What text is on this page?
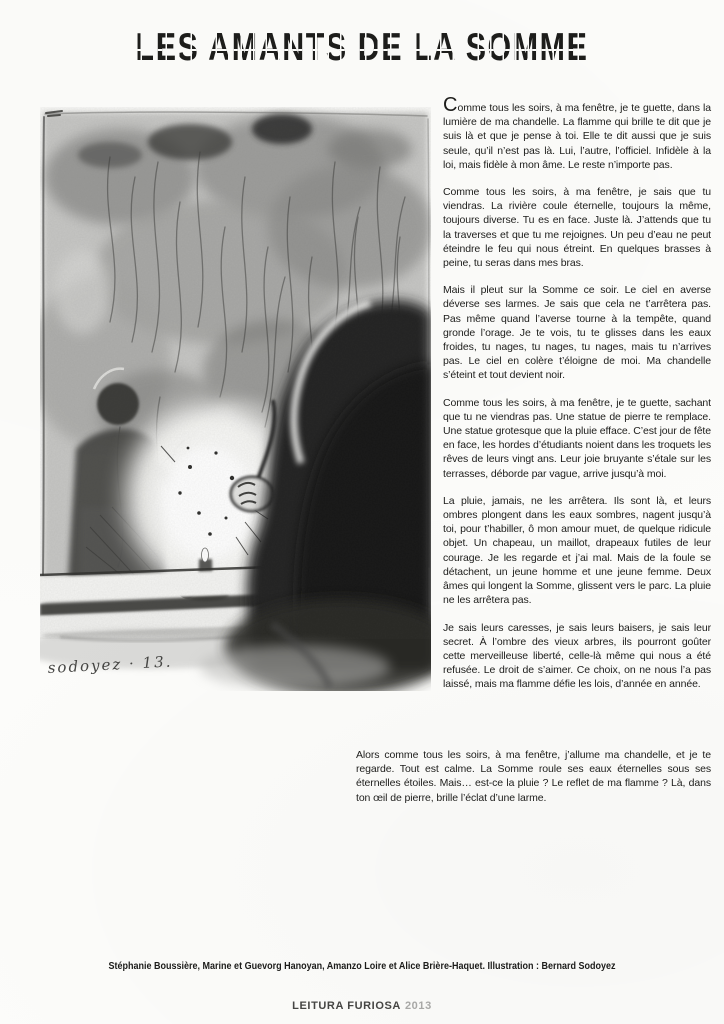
LES AMANTS DE LA SOMME
sodoyez · 13.

Comme tous les soirs, à ma fenêtre, je te guette, dans la lumière de ma chandelle. La flamme qui brille te dit que je suis là et que je pense à toi. Elle te dit aussi que je suis seule, qu’il n’est pas là. Lui, l’autre, l’officiel. Infidèle à la loi, mais fidèle à mon âme. Le reste n’importe pas.

Comme tous les soirs, à ma fenêtre, je sais que tu viendras. La rivière coule éternelle, toujours la même, toujours diverse. Tu es en face. Juste là. J’attends que tu la traverses et que tu me rejoignes. Un peu d’eau ne peut éteindre le feu qui nous étreint. En quelques brasses à peine, tu seras dans mes bras.

Mais il pleut sur la Somme ce soir. Le ciel en averse déverse ses larmes. Je sais que cela ne t’arrêtera pas. Pas même quand l’averse tourne à la tempête, quand gronde l’orage. Je te vois, tu te glisses dans les eaux froides, tu nages, tu nages, tu nages, mais tu n’arrives pas. Le ciel en colère t’éloigne de moi. Ma chandelle s’éteint et tout devient noir.

Comme tous les soirs, à ma fenêtre, je te guette, sachant que tu ne viendras pas. Une statue de pierre te remplace. Une statue grotesque que la pluie efface. C’est jour de fête en face, les hordes d’étudiants noient dans les troquets les rêves de leurs vingt ans. Leur joie bruyante s’étale sur les terrasses, déborde par vague, arrive jusqu’à moi.

La pluie, jamais, ne les arrêtera. Ils sont là, et leurs ombres plongent dans les eaux sombres, nagent jusqu’à toi, pour t’habiller, ô mon amour muet, de quelque ridicule objet. Un chapeau, un maillot, drapeaux futiles de leur courage. Je les regarde et j’ai mal. Mais de la foule se détachent, un jeune homme et une jeune femme. Deux âmes qui longent la Somme, glissent vers le parc. La pluie ne les arrêtera pas.

Je sais leurs caresses, je sais leurs baisers, je sais leur secret. À l’ombre des vieux arbres, ils pourront goûter cette merveilleuse liberté, celle-là même qui nous a été refusée. Le droit de s’aimer. Ce choix, on ne nous l’a pas laissé, mais ma flamme défie les lois, d’année en année.

Alors comme tous les soirs, à ma fenêtre, j’allume ma chandelle, et je te regarde. Tout est calme. La Somme roule ses eaux éternelles sous ses éternelles étoiles. Mais… est-ce la pluie ? Le reflet de ma flamme ? Là, dans ton œil de pierre, brille l’éclat d’une larme.

Stéphanie Boussière, Marine et Guevorg Hanoyan, Amanzo Loire et Alice Brière-Haquet. Illustration : Bernard Sodoyez

LEITURA FURIOSA 2013
